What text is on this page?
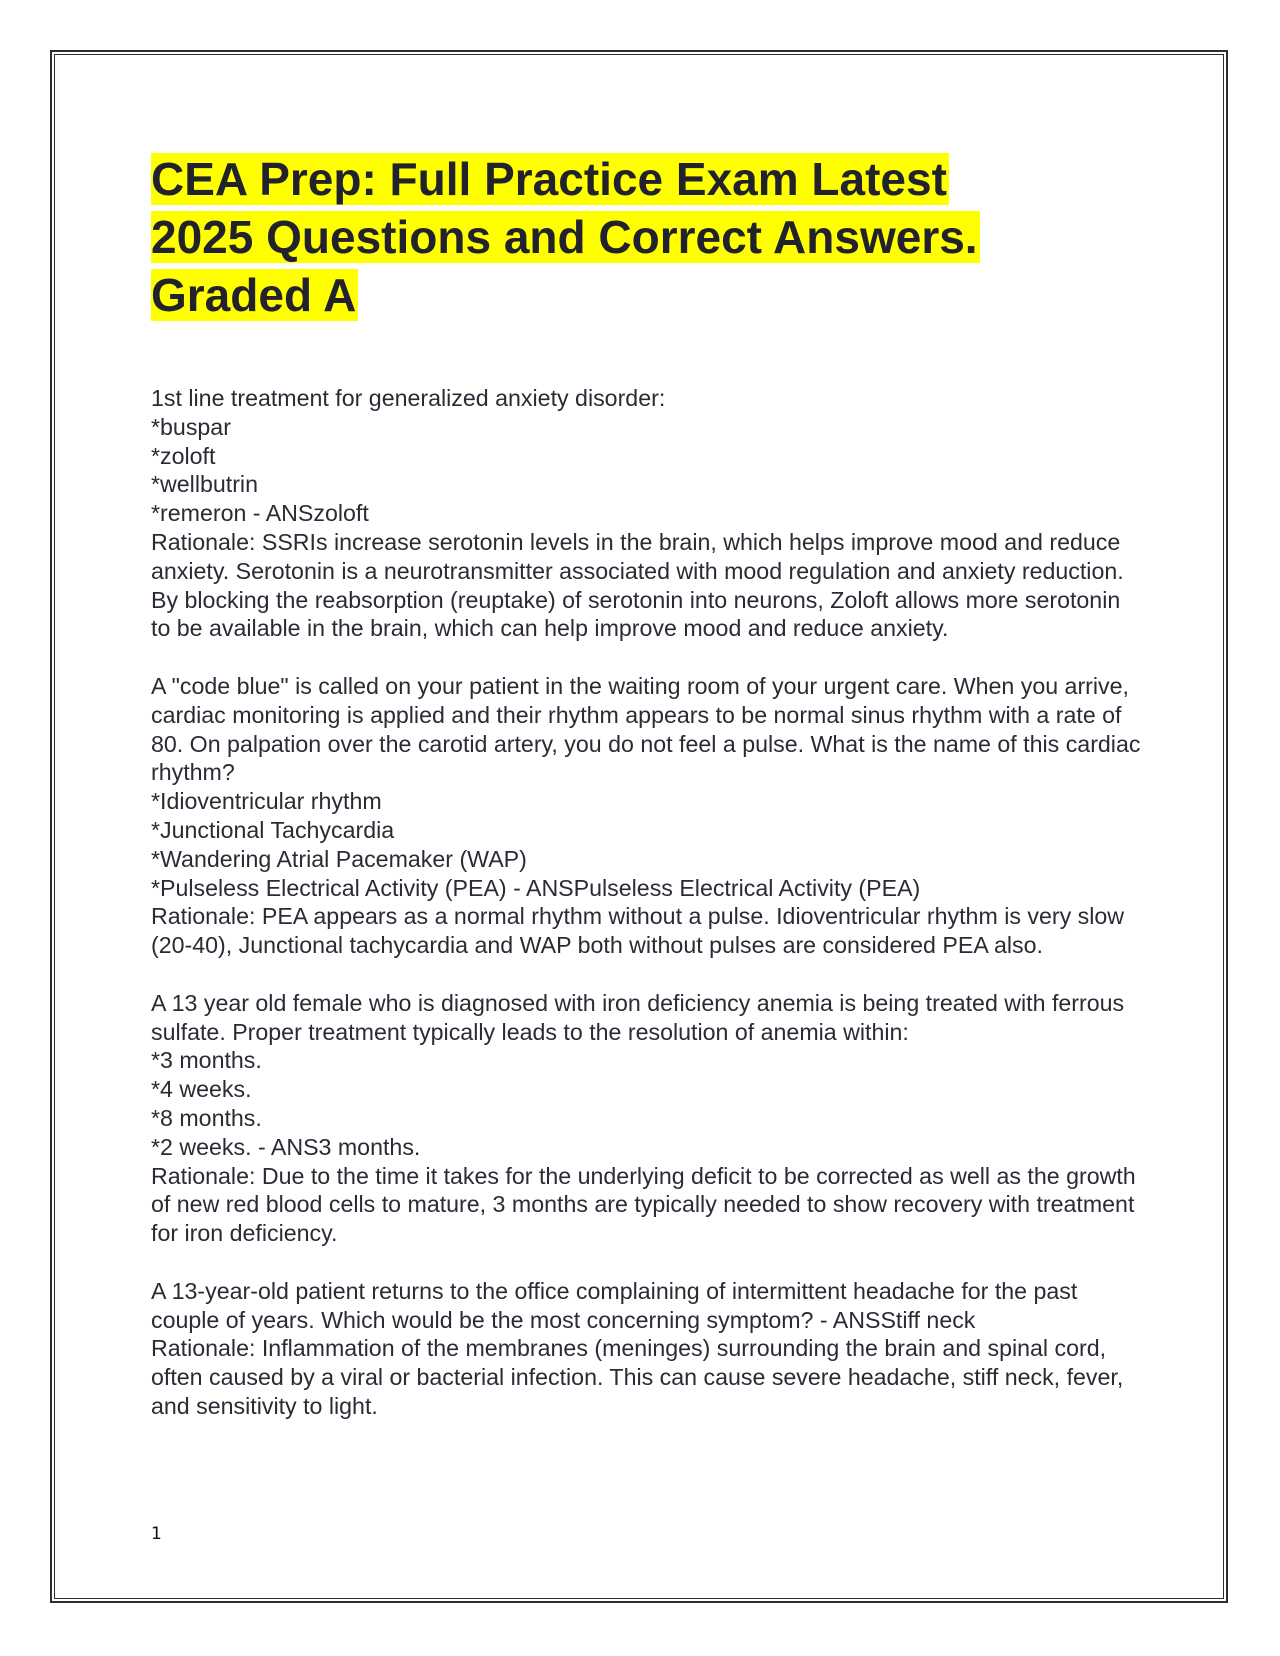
CEA Prep: Full Practice Exam Latest
2025 Questions and Correct Answers.
Graded A
1st line treatment for generalized anxiety disorder:
*buspar
*zoloft
*wellbutrin
*remeron - ANSzoloft
Rationale: SSRIs increase serotonin levels in the brain, which helps improve mood and reduce anxiety. Serotonin is a neurotransmitter associated with mood regulation and anxiety reduction. By blocking the reabsorption (reuptake) of serotonin into neurons, Zoloft allows more serotonin to be available in the brain, which can help improve mood and reduce anxiety.
A "code blue" is called on your patient in the waiting room of your urgent care. When you arrive, cardiac monitoring is applied and their rhythm appears to be normal sinus rhythm with a rate of 80. On palpation over the carotid artery, you do not feel a pulse. What is the name of this cardiac rhythm?
*Idioventricular rhythm
*Junctional Tachycardia
*Wandering Atrial Pacemaker (WAP)
*Pulseless Electrical Activity (PEA) - ANSPulseless Electrical Activity (PEA)
Rationale: PEA appears as a normal rhythm without a pulse. Idioventricular rhythm is very slow (20-40), Junctional tachycardia and WAP both without pulses are considered PEA also.
A 13 year old female who is diagnosed with iron deficiency anemia is being treated with ferrous sulfate. Proper treatment typically leads to the resolution of anemia within:
*3 months.
*4 weeks.
*8 months.
*2 weeks. - ANS3 months.
Rationale: Due to the time it takes for the underlying deficit to be corrected as well as the growth of new red blood cells to mature, 3 months are typically needed to show recovery with treatment for iron deficiency.
A 13-year-old patient returns to the office complaining of intermittent headache for the past couple of years. Which would be the most concerning symptom? - ANSStiff neck
Rationale: Inflammation of the membranes (meninges) surrounding the brain and spinal cord, often caused by a viral or bacterial infection. This can cause severe headache, stiff neck, fever, and sensitivity to light.
1
